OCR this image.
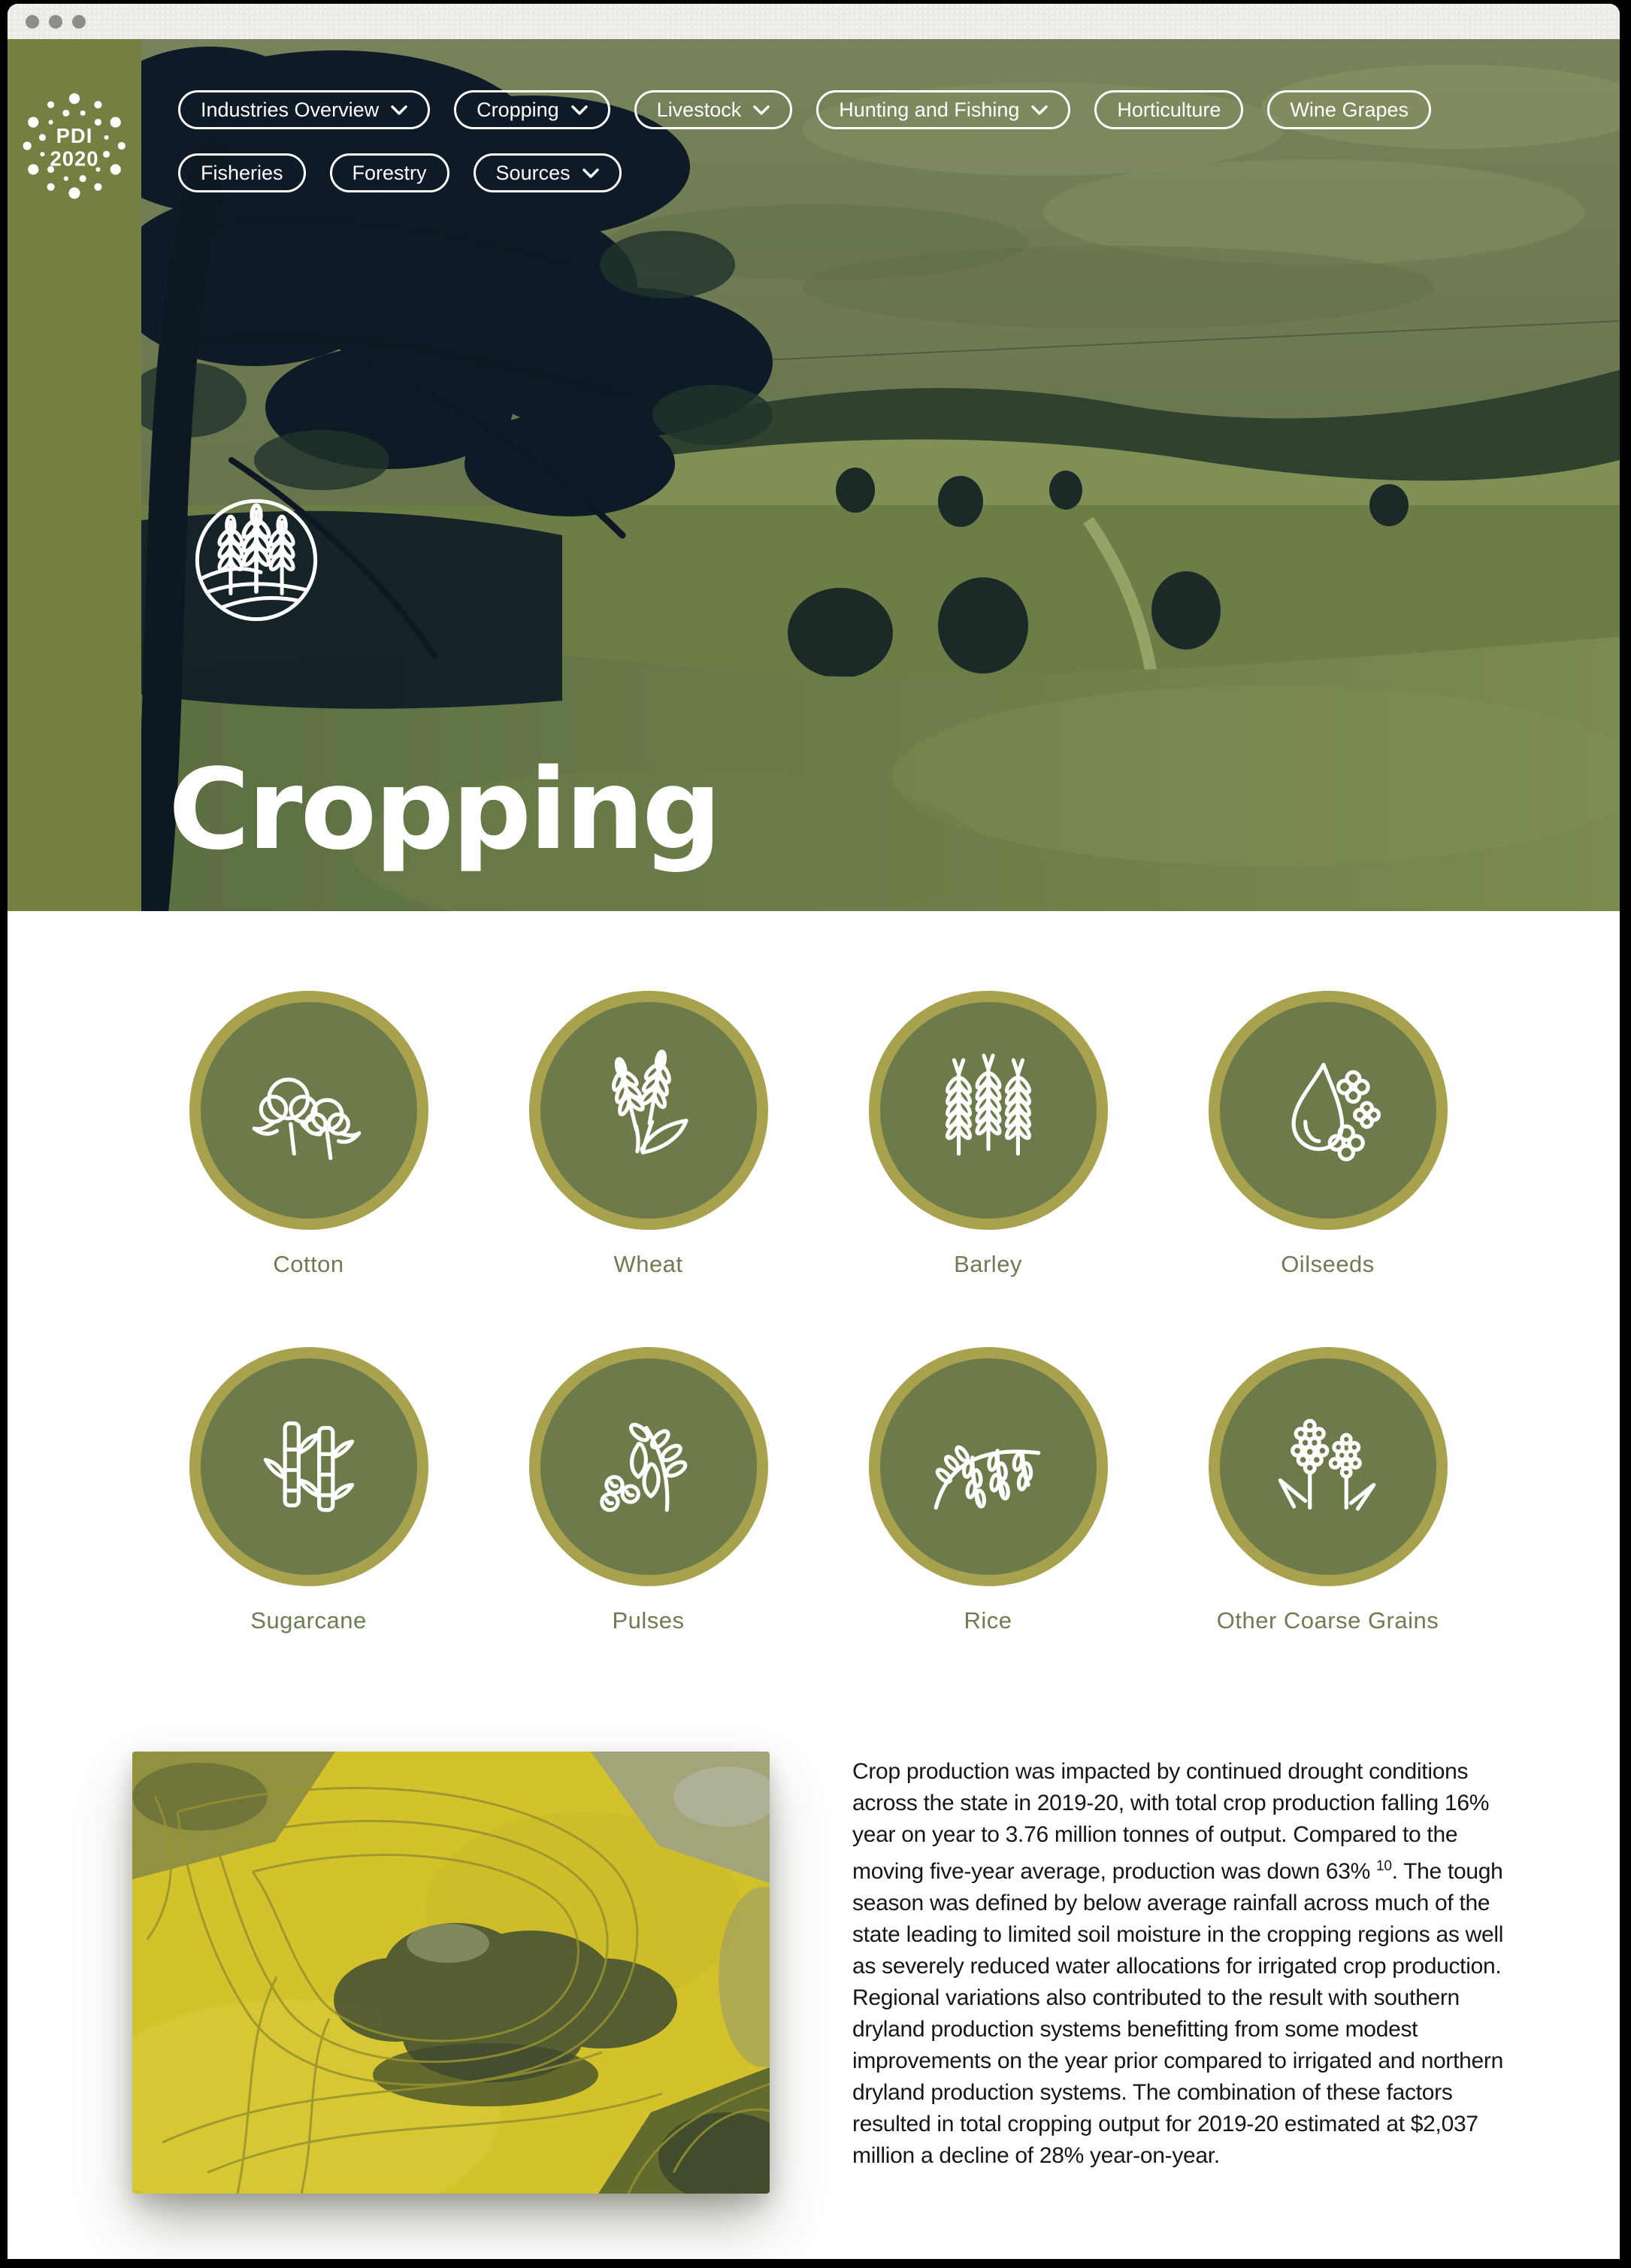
PDI
2020
Industries Overview	Cropping	Livestock	Hunting and Fishing	Horticulture	Wine Grapes
Fisheries	Forestry	Sources
Cropping
Cotton	Wheat	Barley	Oilseeds
Sugarcane	Pulses	Rice	Other Coarse Grains

Crop production was impacted by continued drought conditions across the state in 2019-20, with total crop production falling 16% year on year to 3.76 million tonnes of output. Compared to the moving five-year average, production was down 63% $^{10}$. The tough season was defined by below average rainfall across much of the state leading to limited soil moisture in the cropping regions as well as severely reduced water allocations for irrigated crop production. Regional variations also contributed to the result with southern dryland production systems benefitting from some modest improvements on the year prior compared to irrigated and northern dryland production systems. The combination of these factors resulted in total cropping output for 2019-20 estimated at $2,037 million a decline of 28% year-on-year.
